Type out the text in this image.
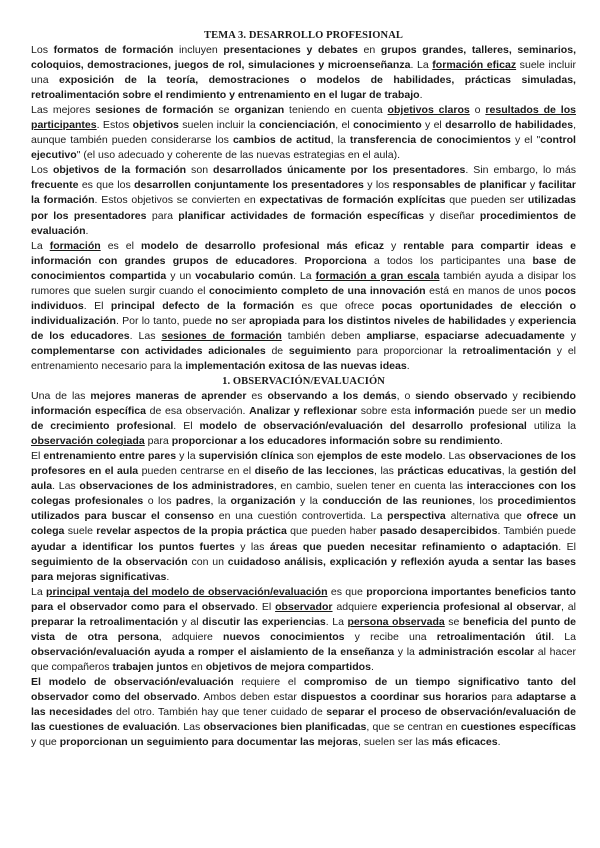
TEMA 3. DESARROLLO PROFESIONAL

Los formatos de formación incluyen presentaciones y debates en grupos grandes, talleres, seminarios, coloquios, demostraciones, juegos de rol, simulaciones y microenseñanza. La formación eficaz suele incluir una exposición de la teoría, demostraciones o modelos de habilidades, prácticas simuladas, retroalimentación sobre el rendimiento y entrenamiento en el lugar de trabajo.

Las mejores sesiones de formación se organizan teniendo en cuenta objetivos claros o resultados de los participantes. Estos objetivos suelen incluir la concienciación, el conocimiento y el desarrollo de habilidades, aunque también pueden considerarse los cambios de actitud, la transferencia de conocimientos y el "control ejecutivo" (el uso adecuado y coherente de las nuevas estrategias en el aula).

Los objetivos de la formación son desarrollados únicamente por los presentadores. Sin embargo, lo más frecuente es que los desarrollen conjuntamente los presentadores y los responsables de planificar y facilitar la formación. Estos objetivos se convierten en expectativas de formación explícitas que pueden ser utilizadas por los presentadores para planificar actividades de formación específicas y diseñar procedimientos de evaluación.

La formación es el modelo de desarrollo profesional más eficaz y rentable para compartir ideas e información con grandes grupos de educadores. Proporciona a todos los participantes una base de conocimientos compartida y un vocabulario común. La formación a gran escala también ayuda a disipar los rumores que suelen surgir cuando el conocimiento completo de una innovación está en manos de unos pocos individuos. El principal defecto de la formación es que ofrece pocas oportunidades de elección o individualización. Por lo tanto, puede no ser apropiada para los distintos niveles de habilidades y experiencia de los educadores. Las sesiones de formación también deben ampliarse, espaciarse adecuadamente y complementarse con actividades adicionales de seguimiento para proporcionar la retroalimentación y el entrenamiento necesario para la implementación exitosa de las nuevas ideas.

1. OBSERVACIÓN/EVALUACIÓN

Una de las mejores maneras de aprender es observando a los demás, o siendo observado y recibiendo información específica de esa observación. Analizar y reflexionar sobre esta información puede ser un medio de crecimiento profesional. El modelo de observación/evaluación del desarrollo profesional utiliza la observación colegiada para proporcionar a los educadores información sobre su rendimiento.

El entrenamiento entre pares y la supervisión clínica son ejemplos de este modelo. Las observaciones de los profesores en el aula pueden centrarse en el diseño de las lecciones, las prácticas educativas, la gestión del aula. Las observaciones de los administradores, en cambio, suelen tener en cuenta las interacciones con los colegas profesionales o los padres, la organización y la conducción de las reuniones, los procedimientos utilizados para buscar el consenso en una cuestión controvertida. La perspectiva alternativa que ofrece un colega suele revelar aspectos de la propia práctica que pueden haber pasado desapercibidos. También puede ayudar a identificar los puntos fuertes y las áreas que pueden necesitar refinamiento o adaptación. El seguimiento de la observación con un cuidadoso análisis, explicación y reflexión ayuda a sentar las bases para mejoras significativas.

La principal ventaja del modelo de observación/evaluación es que proporciona importantes beneficios tanto para el observador como para el observado. El observador adquiere experiencia profesional al observar, al preparar la retroalimentación y al discutir las experiencias. La persona observada se beneficia del punto de vista de otra persona, adquiere nuevos conocimientos y recibe una retroalimentación útil. La observación/evaluación ayuda a romper el aislamiento de la enseñanza y la administración escolar al hacer que compañeros trabajen juntos en objetivos de mejora compartidos.

El modelo de observación/evaluación requiere el compromiso de un tiempo significativo tanto del observador como del observado. Ambos deben estar dispuestos a coordinar sus horarios para adaptarse a las necesidades del otro. También hay que tener cuidado de separar el proceso de observación/evaluación de las cuestiones de evaluación. Las observaciones bien planificadas, que se centran en cuestiones específicas y que proporcionan un seguimiento para documentar las mejoras, suelen ser las más eficaces.
